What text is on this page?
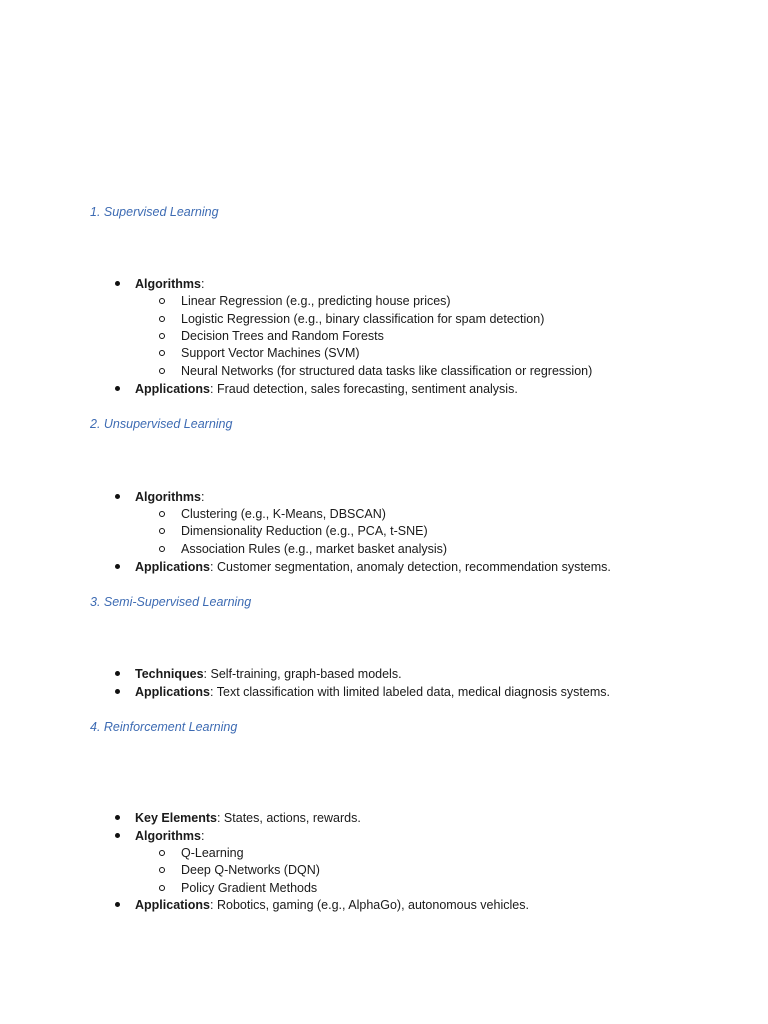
1. Supervised Learning
Algorithms:
Linear Regression (e.g., predicting house prices)
Logistic Regression (e.g., binary classification for spam detection)
Decision Trees and Random Forests
Support Vector Machines (SVM)
Neural Networks (for structured data tasks like classification or regression)
Applications: Fraud detection, sales forecasting, sentiment analysis.
2. Unsupervised Learning
Algorithms:
Clustering (e.g., K-Means, DBSCAN)
Dimensionality Reduction (e.g., PCA, t-SNE)
Association Rules (e.g., market basket analysis)
Applications: Customer segmentation, anomaly detection, recommendation systems.
3. Semi-Supervised Learning
Techniques: Self-training, graph-based models.
Applications: Text classification with limited labeled data, medical diagnosis systems.
4. Reinforcement Learning
Key Elements: States, actions, rewards.
Algorithms:
Q-Learning
Deep Q-Networks (DQN)
Policy Gradient Methods
Applications: Robotics, gaming (e.g., AlphaGo), autonomous vehicles.
